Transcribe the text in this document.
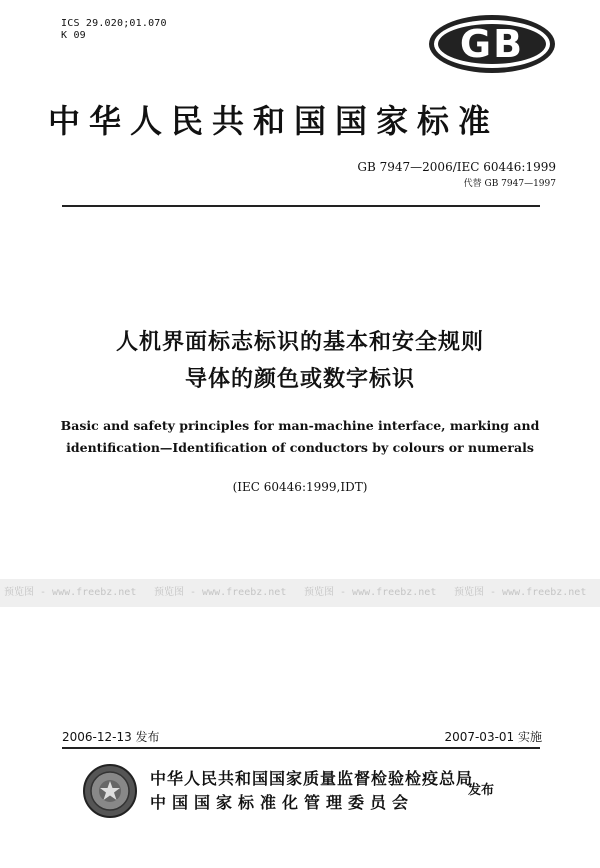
ICS 29.020;01.070
K 09	GB
中华人民共和国国家标准
GB 7947—2006/IEC 60446:1999
代替 GB 7947—1997
人机界面标志标识的基本和安全规则
导体的颜色或数字标识
Basic and safety principles for man-machine interface, marking and
identification—Identification of conductors by colours or numerals
(IEC 60446:1999,IDT)
预览图 - www.freebz.net 预览图 - www.freebz.net 预览图 - www.freebz.net 预览图 - www.freebz.net
2006-12-13 发布	2007-03-01 实施
中华人民共和国国家质量监督检验检疫总局
中国国家标准化管理委员会
发布
